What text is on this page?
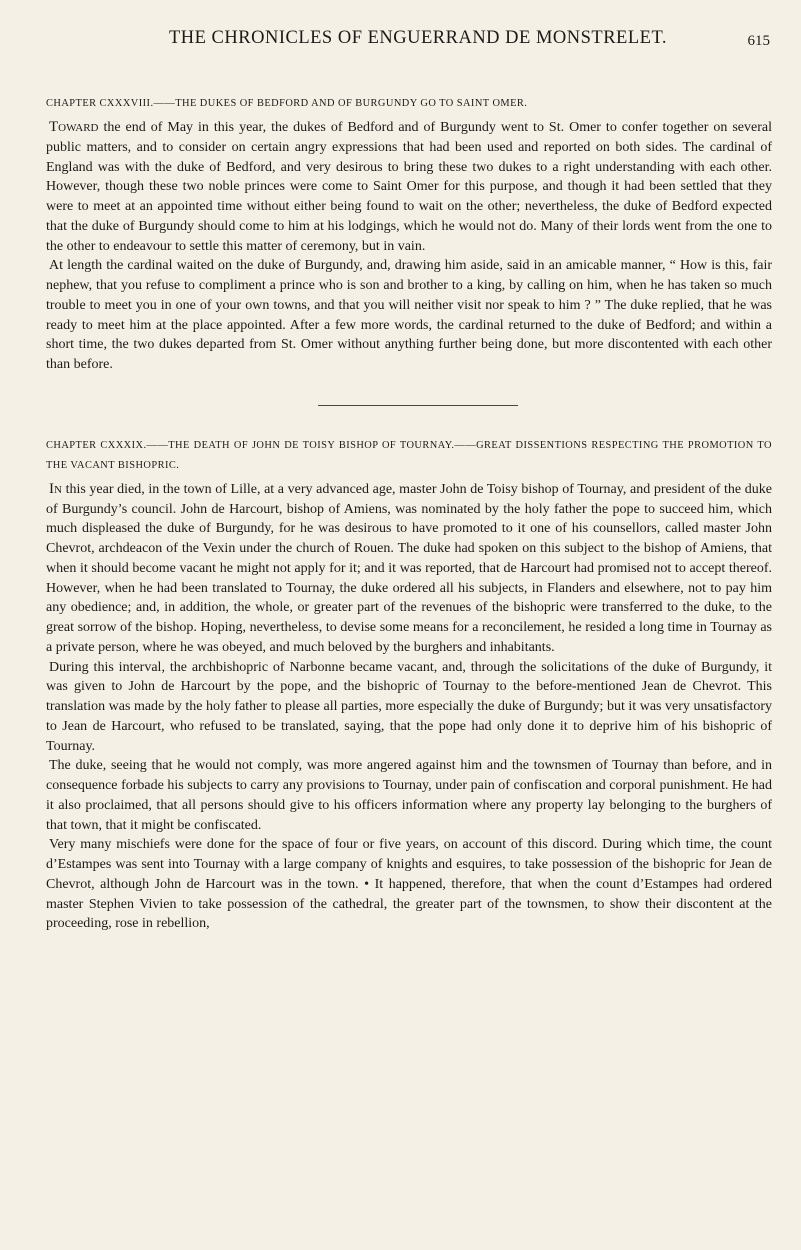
THE CHRONICLES OF ENGUERRAND DE MONSTRELET.	615

CHAPTER CXXXVIII.——THE DUKES OF BEDFORD AND OF BURGUNDY GO TO SAINT OMER.

Toward the end of May in this year, the dukes of Bedford and of Burgundy went to St. Omer to confer together on several public matters, and to consider on certain angry expressions that had been used and reported on both sides. The cardinal of England was with the duke of Bedford, and very desirous to bring these two dukes to a right understanding with each other. However, though these two noble princes were come to Saint Omer for this purpose, and though it had been settled that they were to meet at an appointed time without either being found to wait on the other; nevertheless, the duke of Bedford expected that the duke of Burgundy should come to him at his lodgings, which he would not do. Many of their lords went from the one to the other to endeavour to settle this matter of ceremony, but in vain.

At length the cardinal waited on the duke of Burgundy, and, drawing him aside, said in an amicable manner, “ How is this, fair nephew, that you refuse to compliment a prince who is son and brother to a king, by calling on him, when he has taken so much trouble to meet you in one of your own towns, and that you will neither visit nor speak to him ? ” The duke replied, that he was ready to meet him at the place appointed. After a few more words, the cardinal returned to the duke of Bedford; and within a short time, the two dukes departed from St. Omer without anything further being done, but more discontented with each other than before.

CHAPTER CXXXIX.——THE DEATH OF JOHN DE TOISY BISHOP OF TOURNAY.——GREAT DISSENTIONS RESPECTING THE PROMOTION TO THE VACANT BISHOPRIC.

In this year died, in the town of Lille, at a very advanced age, master John de Toisy bishop of Tournay, and president of the duke of Burgundy’s council. John de Harcourt, bishop of Amiens, was nominated by the holy father the pope to succeed him, which much displeased the duke of Burgundy, for he was desirous to have promoted to it one of his counsellors, called master John Chevrot, archdeacon of the Vexin under the church of Rouen. The duke had spoken on this subject to the bishop of Amiens, that when it should become vacant he might not apply for it; and it was reported, that de Harcourt had promised not to accept thereof. However, when he had been translated to Tournay, the duke ordered all his subjects, in Flanders and elsewhere, not to pay him any obedience; and, in addition, the whole, or greater part of the revenues of the bishopric were transferred to the duke, to the great sorrow of the bishop. Hoping, nevertheless, to devise some means for a reconcilement, he resided a long time in Tournay as a private person, where he was obeyed, and much beloved by the burghers and inhabitants.

During this interval, the archbishopric of Narbonne became vacant, and, through the solicitations of the duke of Burgundy, it was given to John de Harcourt by the pope, and the bishopric of Tournay to the before-mentioned Jean de Chevrot. This translation was made by the holy father to please all parties, more especially the duke of Burgundy; but it was very unsatisfactory to Jean de Harcourt, who refused to be translated, saying, that the pope had only done it to deprive him of his bishopric of Tournay.

The duke, seeing that he would not comply, was more angered against him and the townsmen of Tournay than before, and in consequence forbade his subjects to carry any provisions to Tournay, under pain of confiscation and corporal punishment. He had it also proclaimed, that all persons should give to his officers information where any property lay belonging to the burghers of that town, that it might be confiscated.

Very many mischiefs were done for the space of four or five years, on account of this discord. During which time, the count d’Estampes was sent into Tournay with a large company of knights and esquires, to take possession of the bishopric for Jean de Chevrot, although John de Harcourt was in the town. • It happened, therefore, that when the count d’Estampes had ordered master Stephen Vivien to take possession of the cathedral, the greater part of the townsmen, to show their discontent at the proceeding, rose in rebellion,
